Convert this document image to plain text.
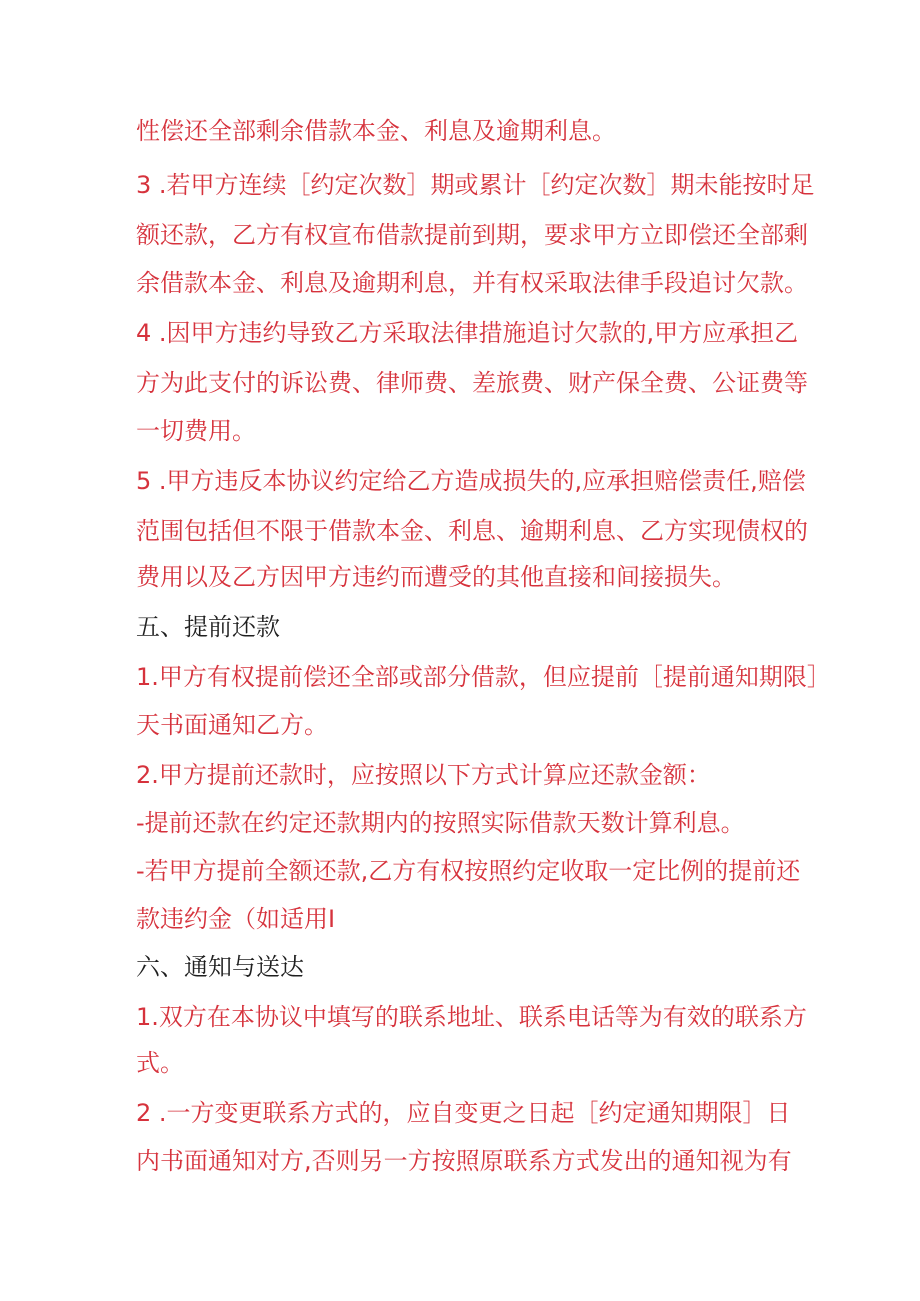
性偿还全部剩余借款本金、利息及逾期利息。

3 .若甲方连续［约定次数］期或累计［约定次数］期未能按时足

额还款，乙方有权宣布借款提前到期，要求甲方立即偿还全部剩

余借款本金、利息及逾期利息，并有权采取法律手段追讨欠款。

4 .因甲方违约导致乙方采取法律措施追讨欠款的,甲方应承担乙

方为此支付的诉讼费、律师费、差旅费、财产保全费、公证费等

一切费用。

5 .甲方违反本协议约定给乙方造成损失的,应承担赔偿责任,赔偿

范围包括但不限于借款本金、利息、逾期利息、乙方实现债权的

费用以及乙方因甲方违约而遭受的其他直接和间接损失。

五、提前还款

1.甲方有权提前偿还全部或部分借款，但应提前［提前通知期限］

天书面通知乙方。

2.甲方提前还款时，应按照以下方式计算应还款金额：

-提前还款在约定还款期内的按照实际借款天数计算利息。

-若甲方提前全额还款,乙方有权按照约定收取一定比例的提前还

款违约金（如适用I

六、通知与送达

1.双方在本协议中填写的联系地址、联系电话等为有效的联系方

式。

2 .一方变更联系方式的，应自变更之日起［约定通知期限］日

内书面通知对方,否则另一方按照原联系方式发出的通知视为有
